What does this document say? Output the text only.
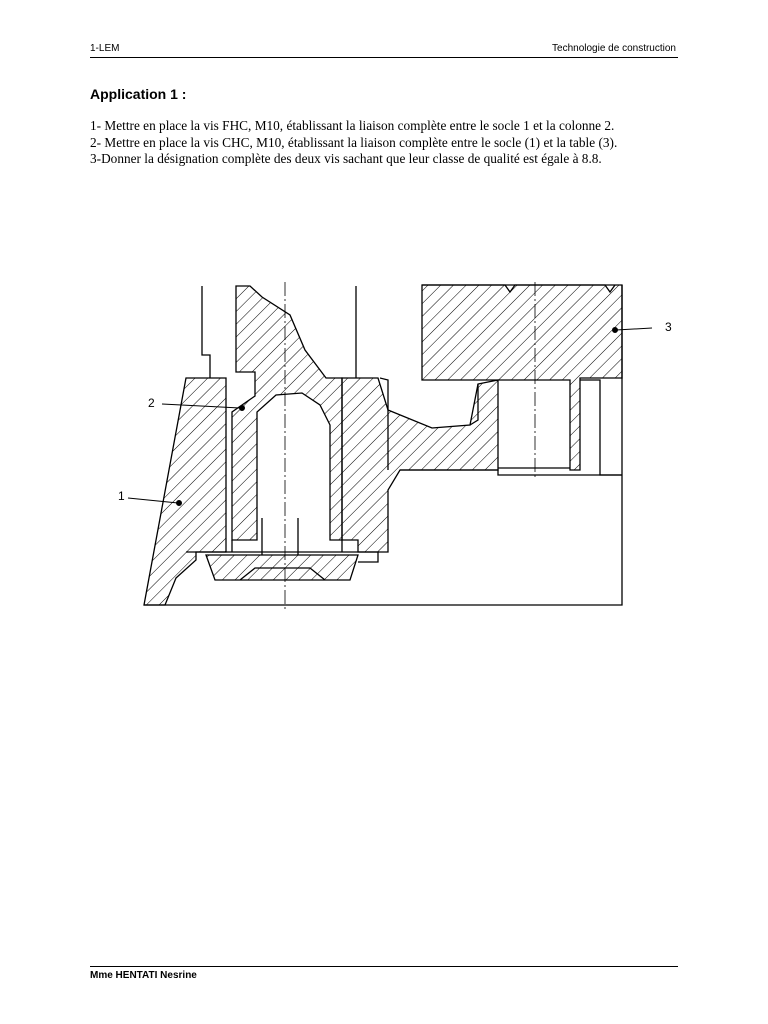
1-LEM	Technologie de construction
Application 1 :

1- Mettre en place la vis FHC, M10, établissant la liaison complète entre le socle 1 et la colonne 2.

2- Mettre en place la vis CHC, M10, établissant la liaison complète entre le socle (1) et la table (3).

3-Donner la désignation complète des deux vis sachant que leur classe de qualité est égale à 8.8.

1
2
3
Mme HENTATI Nesrine
